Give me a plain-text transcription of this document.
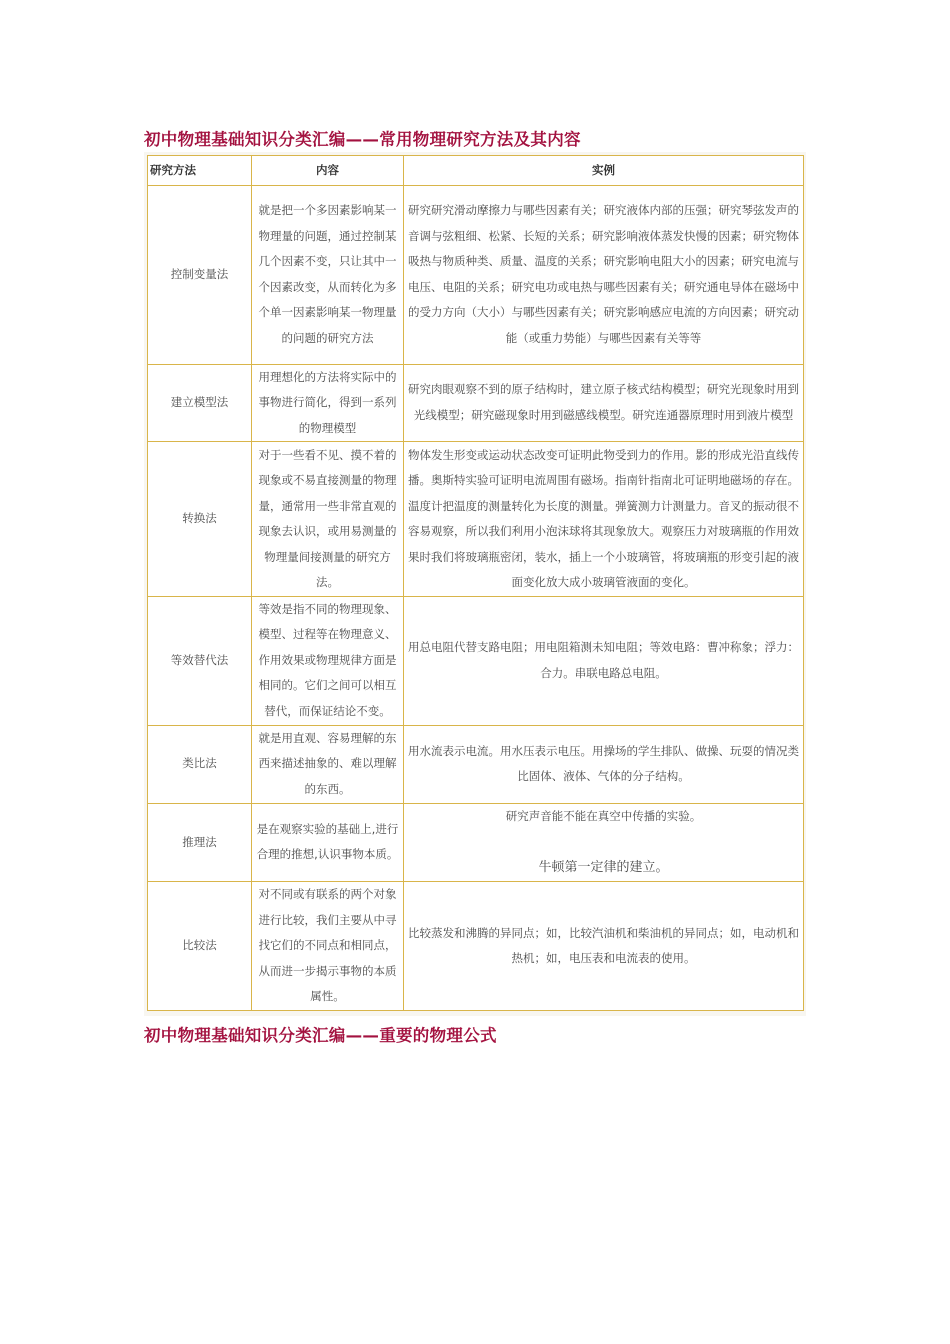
初中物理基础知识分类汇编——常用物理研究方法及其内容
研究方法	内容	实例
控制变量法	就是把一个多因素影响某一物理量的问题，通过控制某几个因素不变，只让其中一个因素改变，从而转化为多个单一因素影响某一物理量的问题的研究方法	研究研究滑动摩擦力与哪些因素有关；研究液体内部的压强；研究琴弦发声的音调与弦粗细、松紧、长短的关系；研究影响液体蒸发快慢的因素；研究物体吸热与物质种类、质量、温度的关系；研究影响电阻大小的因素；研究电流与电压、电阻的关系；研究电功或电热与哪些因素有关；研究通电导体在磁场中的受力方向（大小）与哪些因素有关；研究影响感应电流的方向因素；研究动能（或重力势能）与哪些因素有关等等
建立模型法	用理想化的方法将实际中的事物进行简化，得到一系列的物理模型	研究肉眼观察不到的原子结构时，建立原子核式结构模型；研究光现象时用到光线模型；研究磁现象时用到磁感线模型。研究连通器原理时用到液片模型
转换法	对于一些看不见、摸不着的现象或不易直接测量的物理量，通常用一些非常直观的现象去认识，或用易测量的物理量间接测量的研究方法。	物体发生形变或运动状态改变可证明此物受到力的作用。影的形成光沿直线传播。奥斯特实验可证明电流周围有磁场。指南针指南北可证明地磁场的存在。温度计把温度的测量转化为长度的测量。弹簧测力计测量力。音叉的振动很不容易观察，所以我们利用小泡沫球将其现象放大。观察压力对玻璃瓶的作用效果时我们将玻璃瓶密闭，装水，插上一个小玻璃管，将玻璃瓶的形变引起的液面变化放大成小玻璃管液面的变化。
等效替代法	等效是指不同的物理现象、模型、过程等在物理意义、作用效果或物理规律方面是相同的。它们之间可以相互替代，而保证结论不变。	用总电阻代替支路电阻；用电阻箱测未知电阻；等效电路：曹冲称象；浮力：合力。串联电路总电阻。
类比法	就是用直观、容易理解的东西来描述抽象的、难以理解的东西。	用水流表示电流。用水压表示电压。用操场的学生排队、做操、玩耍的情况类比固体、液体、气体的分子结构。
推理法	是在观察实验的基础上,进行合理的推想,认识事物本质。	研究声音能不能在真空中传播的实验。
牛顿第一定律的建立。

比较法	对不同或有联系的两个对象进行比较，我们主要从中寻找它们的不同点和相同点，从而进一步揭示事物的本质属性。	比较蒸发和沸腾的异同点；如，比较汽油机和柴油机的异同点；如，电动机和热机；如，电压表和电流表的使用。
初中物理基础知识分类汇编——重要的物理公式
